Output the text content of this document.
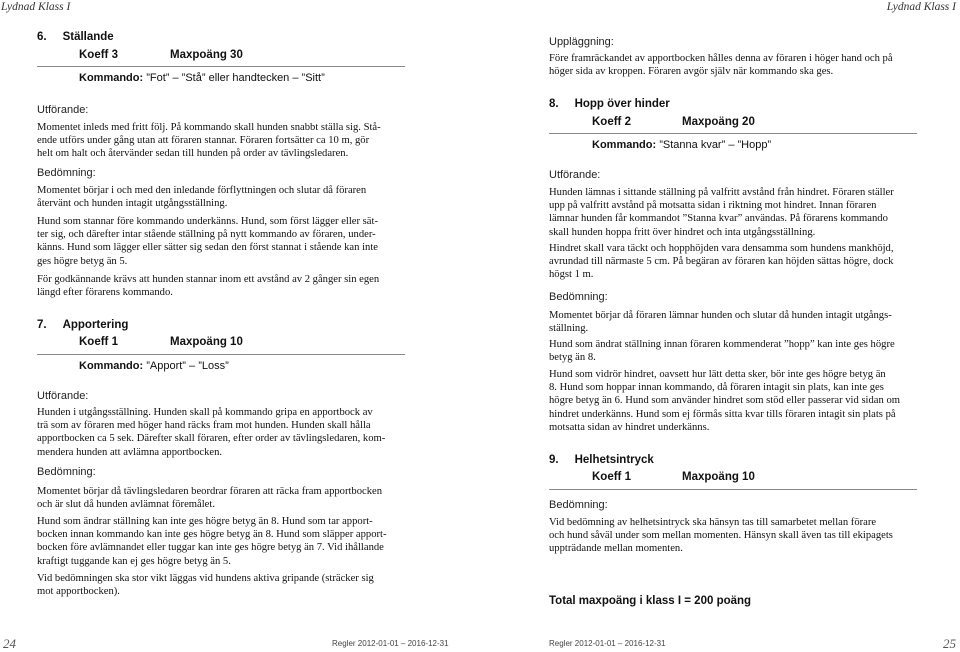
Lydnad Klass I	Lydnad Klass I
6.     Ställande
Koeff 3	Maxpoäng 30
Kommando: ”Fot” – ”Stå” eller handtecken – ”Sitt”
Utförande:
Momentet inleds med fritt följ. På kommando skall hunden snabbt ställa sig. Stå-
ende utförs under gång utan att föraren stannar. Föraren fortsätter ca 10 m, gör
helt om halt och återvänder sedan till hunden på order av tävlingsledaren.
Bedömning:
Momentet börjar i och med den inledande förflyttningen och slutar då föraren
återvänt och hunden intagit utgångsställning.
Hund som stannar före kommando underkänns. Hund, som först lägger eller sät-
ter sig, och därefter intar stående ställning på nytt kommando av föraren, under-
känns. Hund som lägger eller sätter sig sedan den först stannat i stående kan inte
ges högre betyg än 5.
För godkännande krävs att hunden stannar inom ett avstånd av 2 gånger sin egen
längd efter förarens kommando.
7.     Apportering
Koeff 1	Maxpoäng 10
Kommando: ”Apport” – ”Loss”
Utförande:
Hunden i utgångsställning. Hunden skall på kommando gripa en apportbock av
trä som av föraren med höger hand räcks fram mot hunden. Hunden skall hålla
apportbocken ca 5 sek. Därefter skall föraren, efter order av tävlingsledaren, kom-
mendera hunden att avlämna apportbocken.
Bedömning:
Momentet börjar då tävlingsledaren beordrar föraren att räcka fram apportbocken
och är slut då hunden avlämnat föremålet.
Hund som ändrar ställning kan inte ges högre betyg än 8. Hund som tar apport-
bocken innan kommando kan inte ges högre betyg än 8. Hund som släpper apport-
bocken före avlämnandet eller tuggar kan inte ges högre betyg än 7. Vid ihållande
kraftigt tuggande kan ej ges högre betyg än 5.
Vid bedömningen ska stor vikt läggas vid hundens aktiva gripande (sträcker sig
mot apportbocken).
24	Regler 2012-01-01 – 2016-12-31
Uppläggning:
Före framräckandet av apportbocken hålles denna av föraren i höger hand och på
höger sida av kroppen. Föraren avgör själv när kommando ska ges.
8.     Hopp över hinder
Koeff 2	Maxpoäng 20
Kommando: ”Stanna kvar” – ”Hopp”
Utförande:
Hunden lämnas i sittande ställning på valfritt avstånd från hindret. Föraren ställer
upp på valfritt avstånd på motsatta sidan i riktning mot hindret. Innan föraren
lämnar hunden får kommandot ”Stanna kvar” användas. På förarens kommando
skall hunden hoppa fritt över hindret och inta utgångsställning.
Hindret skall vara täckt och hopphöjden vara densamma som hundens mankhöjd,
avrundad till närmaste 5 cm. På begäran av föraren kan höjden sättas högre, dock
högst 1 m.
Bedömning:
Momentet börjar då föraren lämnar hunden och slutar då hunden intagit utgångs-
ställning.
Hund som ändrat ställning innan föraren kommenderat ”hopp” kan inte ges högre
betyg än 8.
Hund som vidrör hindret, oavsett hur lätt detta sker, bör inte ges högre betyg än
8. Hund som hoppar innan kommando, då föraren intagit sin plats, kan inte ges
högre betyg än 6. Hund som använder hindret som stöd eller passerar vid sidan om
hindret underkänns. Hund som ej förmås sitta kvar tills föraren intagit sin plats på
motsatta sidan av hindret underkänns.
9.     Helhetsintryck
Koeff 1	Maxpoäng 10
Bedömning:
Vid bedömning av helhetsintryck ska hänsyn tas till samarbetet mellan förare
och hund såväl under som mellan momenten. Hänsyn skall även tas till ekipagets
uppträdande mellan momenten.
Total maxpoäng i klass I = 200 poäng
Regler 2012-01-01 – 2016-12-31	25
